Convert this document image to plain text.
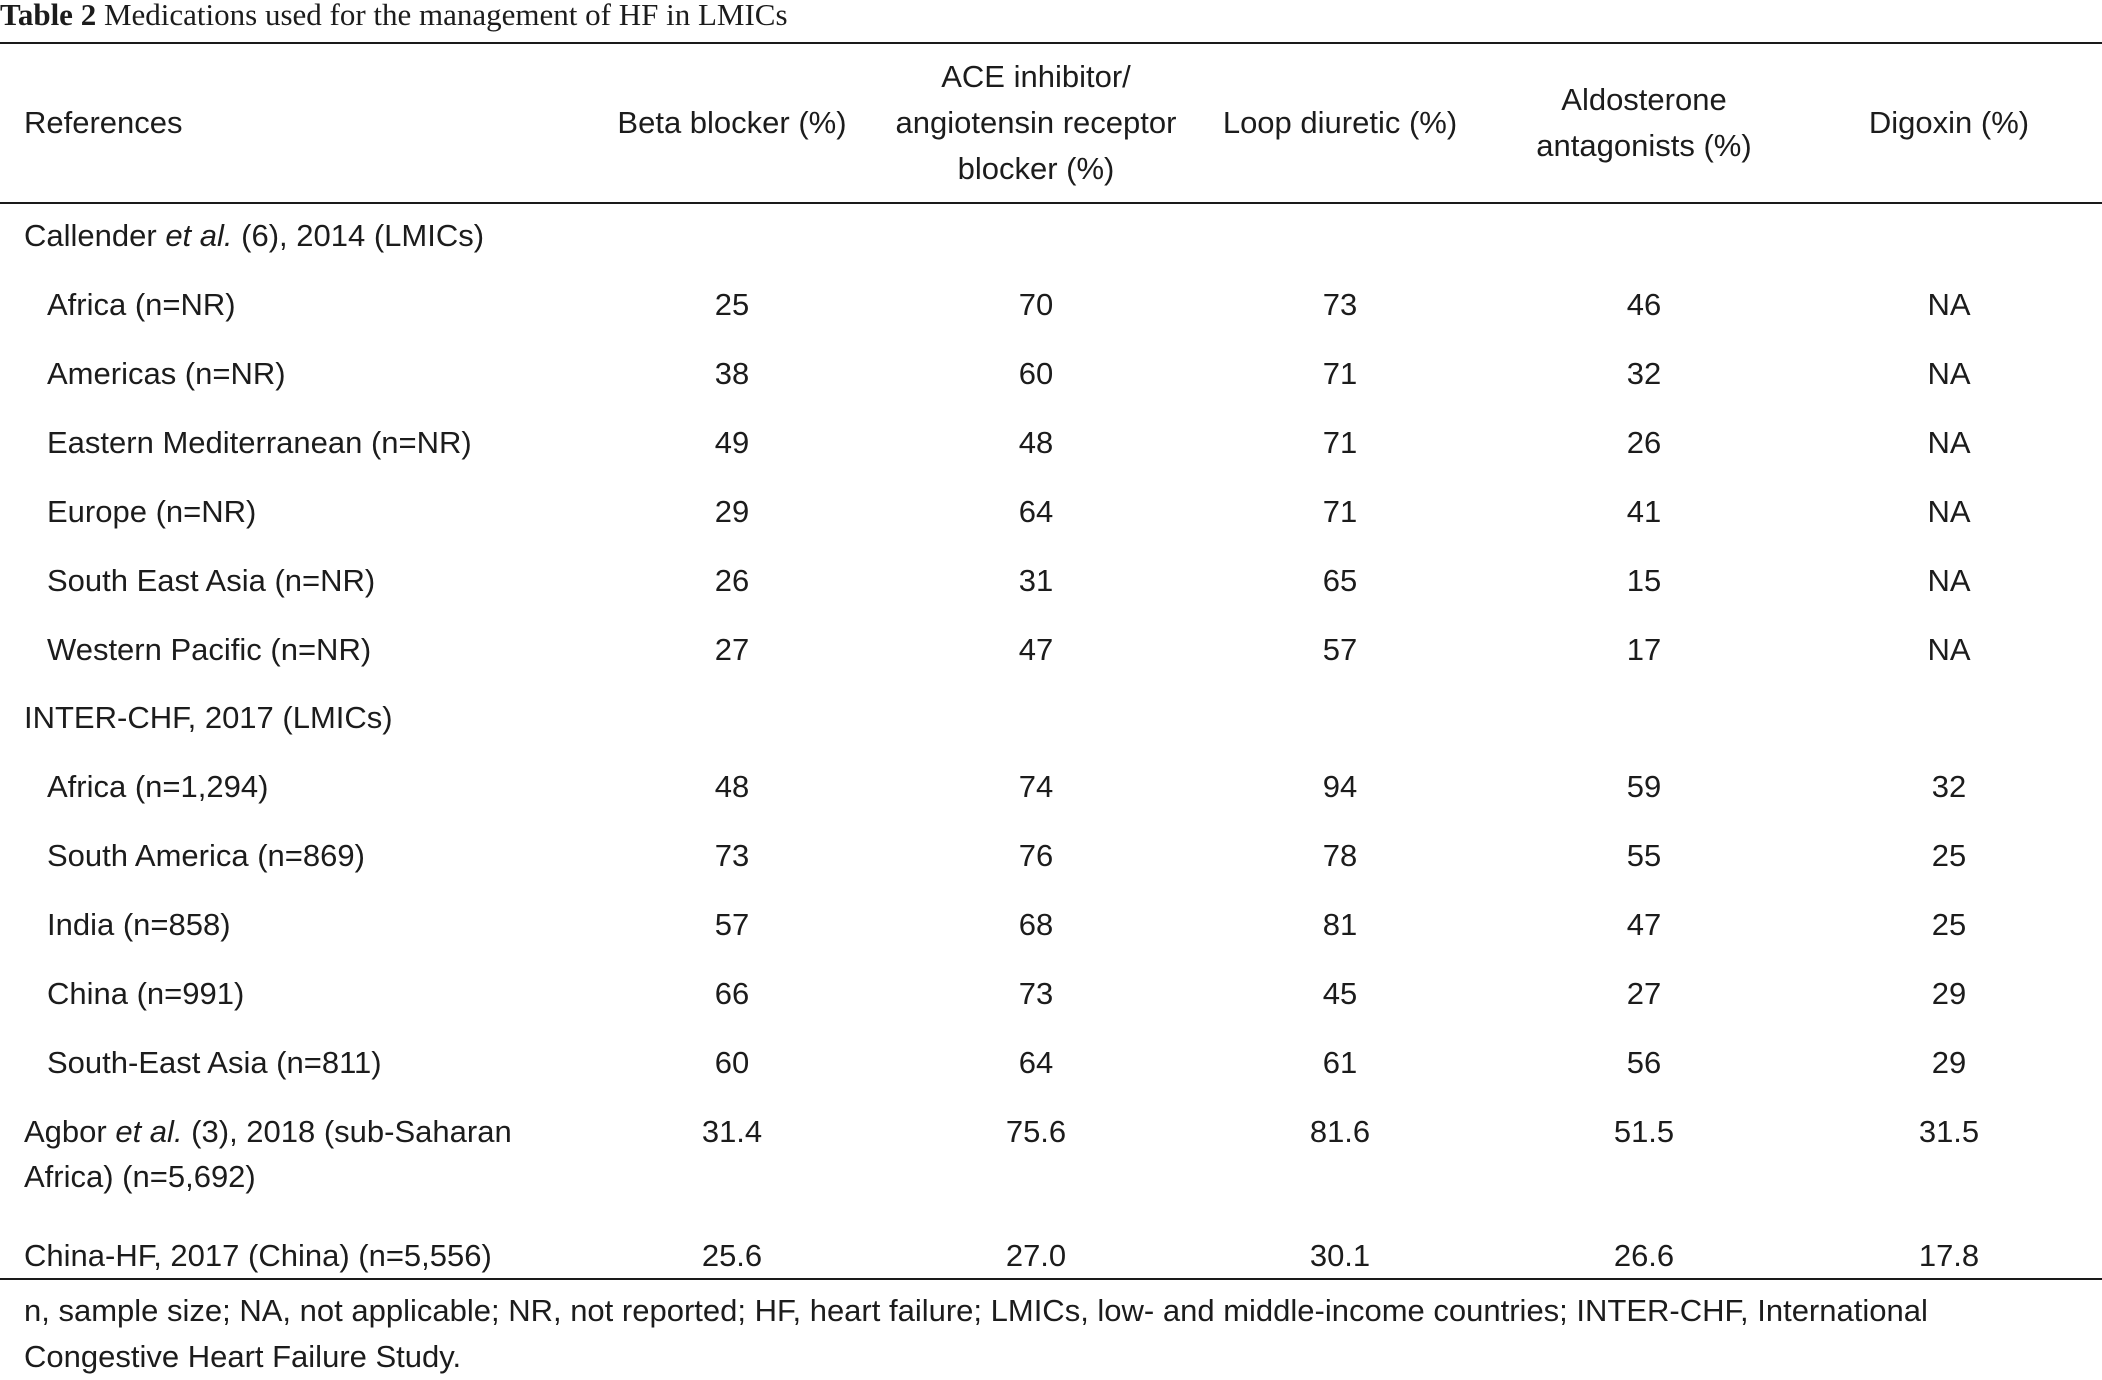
Table 2 Medications used for the management of HF in LMICs
References	Beta blocker (%)	ACE inhibitor/ angiotensin receptor blocker (%)	Loop diuretic (%)	Aldosterone antagonists (%)	Digoxin (%)
Callender et al. (6), 2014 (LMICs)					
Africa (n=NR)	25	70	73	46	NA
Americas (n=NR)	38	60	71	32	NA
Eastern Mediterranean (n=NR)	49	48	71	26	NA
Europe (n=NR)	29	64	71	41	NA
South East Asia (n=NR)	26	31	65	15	NA
Western Pacific (n=NR)	27	47	57	17	NA
INTER-CHF, 2017 (LMICs)					
Africa (n=1,294)	48	74	94	59	32
South America (n=869)	73	76	78	55	25
India (n=858)	57	68	81	47	25
China (n=991)	66	73	45	27	29
South-East Asia (n=811)	60	64	61	56	29
Agbor et al. (3), 2018 (sub-Saharan Africa) (n=5,692)	31.4	75.6	81.6	51.5	31.5
China-HF, 2017 (China) (n=5,556)	25.6	27.0	30.1	26.6	17.8
n, sample size; NA, not applicable; NR, not reported; HF, heart failure; LMICs, low- and middle-income countries; INTER-CHF, International Congestive Heart Failure Study.
